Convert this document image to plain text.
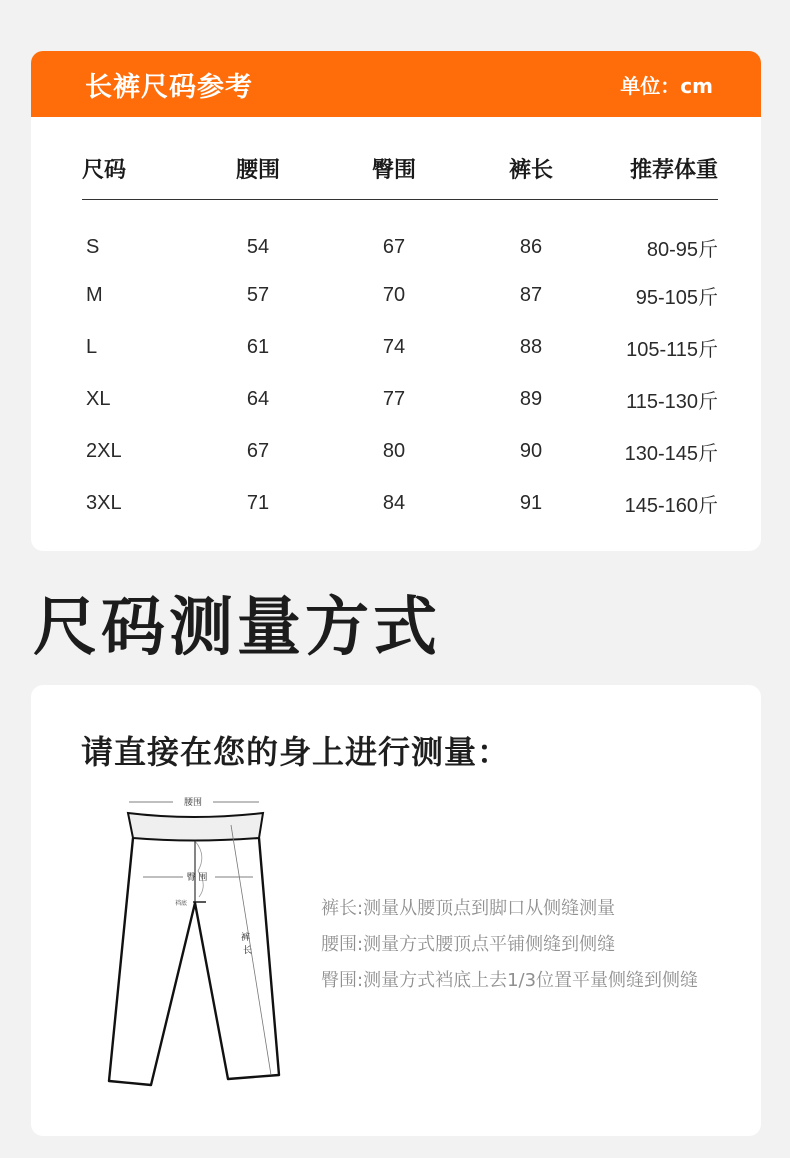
长裤尺码参考	单位：cm
尺码	腰围	臀围	裤长	推荐体重
S	54	67	86	80-95斤
M	57	70	87	95-105斤
L	61	74	88	105-115斤
XL	64	77	89	115-130斤
2XL	67	80	90	130-145斤
3XL	71	84	91	145-160斤
尺码测量方式
请直接在您的身上进行测量：
腰围
臀 围
裆底
裤
长
裤长:测量从腰顶点到脚口从侧缝测量
腰围:测量方式腰顶点平铺侧缝到侧缝
臀围:测量方式裆底上去1/3位置平量侧缝到侧缝
